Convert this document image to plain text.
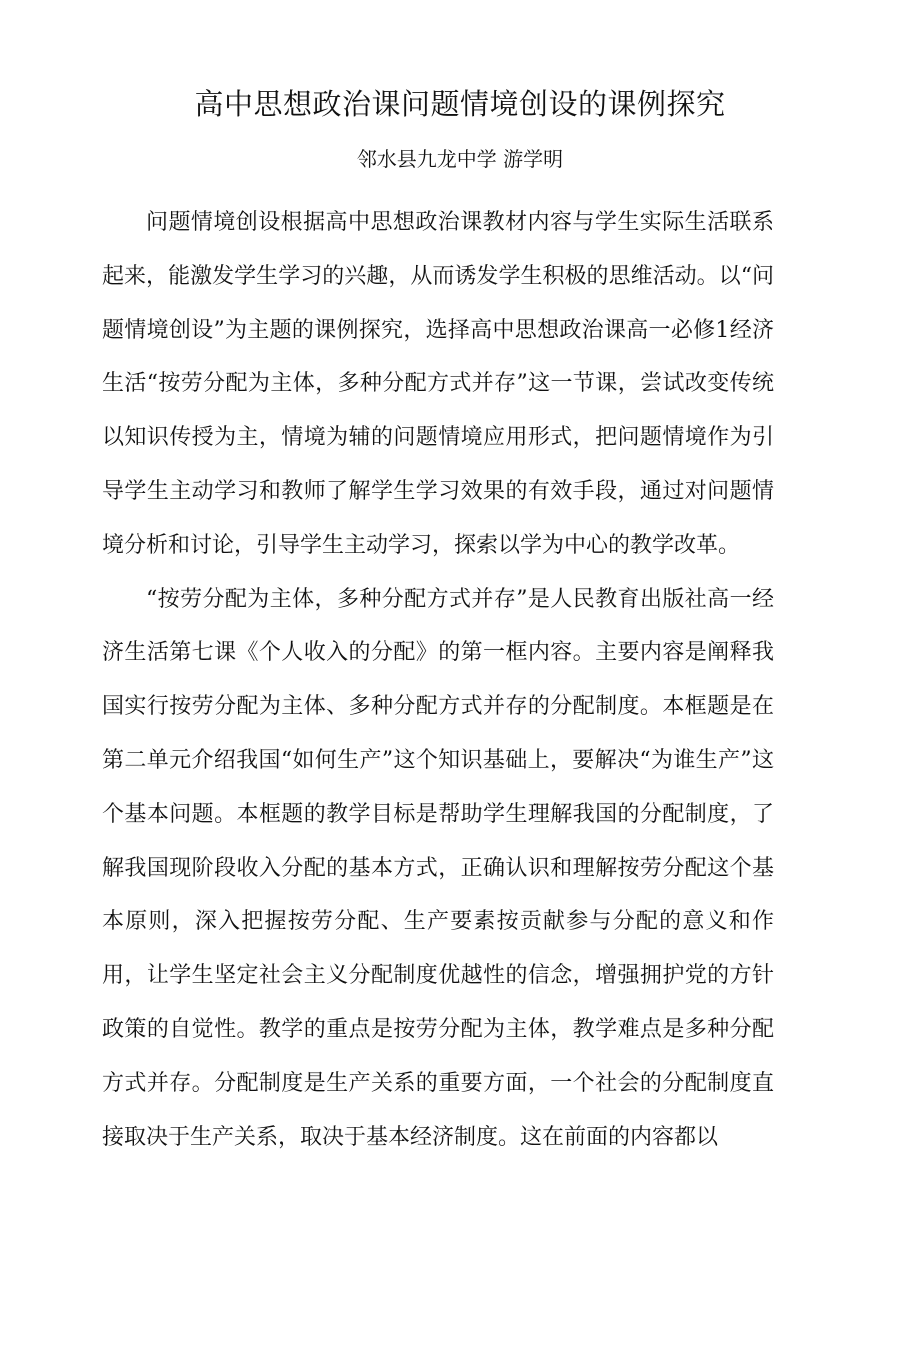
高中思想政治课问题情境创设的课例探究

邻水县九龙中学 游学明

问题情境创设根据高中思想政治课教材内容与学生实际生活联系起来，能激发学生学习的兴趣，从而诱发学生积极的思维活动。以“问题情境创设”为主题的课例探究，选择高中思想政治课高一必修1经济生活“按劳分配为主体，多种分配方式并存”这一节课，尝试改变传统以知识传授为主，情境为辅的问题情境应用形式，把问题情境作为引导学生主动学习和教师了解学生学习效果的有效手段，通过对问题情境分析和讨论，引导学生主动学习，探索以学为中心的教学改革。

“按劳分配为主体，多种分配方式并存”是人民教育出版社高一经济生活第七课《个人收入的分配》的第一框内容。主要内容是阐释我国实行按劳分配为主体、多种分配方式并存的分配制度。本框题是在第二单元介绍我国“如何生产”这个知识基础上，要解决“为谁生产”这个基本问题。本框题的教学目标是帮助学生理解我国的分配制度，了解我国现阶段收入分配的基本方式，正确认识和理解按劳分配这个基本原则，深入把握按劳分配、生产要素按贡献参与分配的意义和作用，让学生坚定社会主义分配制度优越性的信念，增强拥护党的方针政策的自觉性。教学的重点是按劳分配为主体，教学难点是多种分配方式并存。分配制度是生产关系的重要方面，一个社会的分配制度直接取决于生产关系，取决于基本经济制度。这在前面的内容都以
